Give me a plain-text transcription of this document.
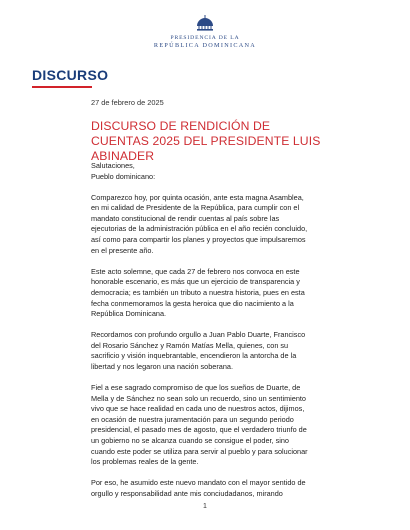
PRESIDENCIA DE LA
REPÚBLICA DOMINICANA
DISCURSO
27 de febrero de 2025
DISCURSO DE RENDICIÓN DE CUENTAS 2025 DEL PRESIDENTE LUIS ABINADER

Salutaciones,

Pueblo dominicano:

Comparezco hoy, por quinta ocasión, ante esta magna Asamblea,
en mi calidad de Presidente de la República, para cumplir con el
mandato constitucional de rendir cuentas al país sobre las
ejecutorias de la administración pública en el año recién concluido,
así como para compartir los planes y proyectos que impulsaremos
en el presente año.

Este acto solemne, que cada 27 de febrero nos convoca en este
honorable escenario, es más que un ejercicio de transparencia y
democracia; es también un tributo a nuestra historia, pues en esta
fecha conmemoramos la gesta heroica que dio nacimiento a la
República Dominicana.

Recordamos con profundo orgullo a Juan Pablo Duarte, Francisco
del Rosario Sánchez y Ramón Matías Mella, quienes, con su
sacrificio y visión inquebrantable, encendieron la antorcha de la
libertad y nos legaron una nación soberana.

Fiel a ese sagrado compromiso de que los sueños de Duarte, de
Mella y de Sánchez no sean solo un recuerdo, sino un sentimiento
vivo que se hace realidad en cada uno de nuestros actos, dijimos,
en ocasión de nuestra juramentación para un segundo periodo
presidencial, el pasado mes de agosto, que el verdadero triunfo de
un gobierno no se alcanza cuando se consigue el poder, sino
cuando este poder se utiliza para servir al pueblo y para solucionar
los problemas reales de la gente.

Por eso, he asumido este nuevo mandato con el mayor sentido de
orgullo y responsabilidad ante mis conciudadanos, mirando

1
